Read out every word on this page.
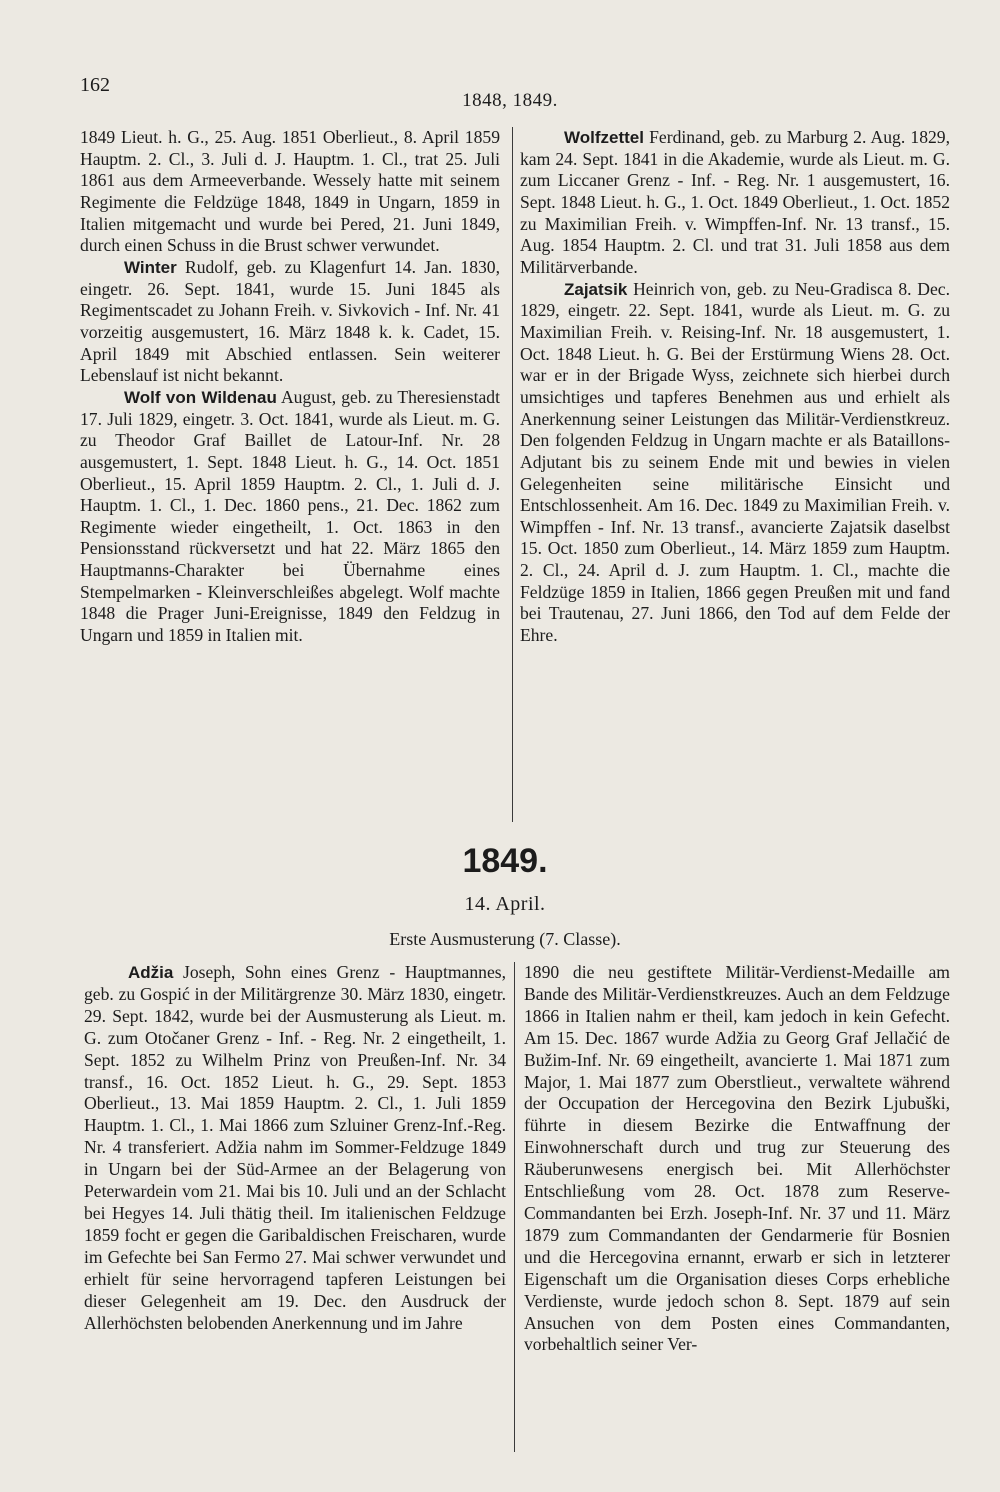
162
1848, 1849.

1849 Lieut. h. G., 25. Aug. 1851 Oberlieut., 8. April 1859 Hauptm. 2. Cl., 3. Juli d. J. Hauptm. 1. Cl., trat 25. Juli 1861 aus dem Armeeverbande. Wessely hatte mit seinem Regimente die Feldzüge 1848, 1849 in Ungarn, 1859 in Italien mitgemacht und wurde bei Pered, 21. Juni 1849, durch einen Schuss in die Brust schwer verwundet.

Winter Rudolf, geb. zu Klagenfurt 14. Jan. 1830, eingetr. 26. Sept. 1841, wurde 15. Juni 1845 als Regimentscadet zu Johann Freih. v. Sivkovich - Inf. Nr. 41 vorzeitig ausgemustert, 16. März 1848 k. k. Cadet, 15. April 1849 mit Abschied entlassen. Sein weiterer Lebenslauf ist nicht bekannt.

Wolf von Wildenau August, geb. zu Theresienstadt 17. Juli 1829, eingetr. 3. Oct. 1841, wurde als Lieut. m. G. zu Theodor Graf Baillet de Latour-Inf. Nr. 28 ausgemustert, 1. Sept. 1848 Lieut. h. G., 14. Oct. 1851 Oberlieut., 15. April 1859 Hauptm. 2. Cl., 1. Juli d. J. Hauptm. 1. Cl., 1. Dec. 1860 pens., 21. Dec. 1862 zum Regimente wieder eingetheilt, 1. Oct. 1863 in den Pensionsstand rückversetzt und hat 22. März 1865 den Hauptmanns-Charakter bei Übernahme eines Stempelmarken - Kleinverschleißes abgelegt. Wolf machte 1848 die Prager Juni-Ereignisse, 1849 den Feldzug in Ungarn und 1859 in Italien mit.

Wolfzettel Ferdinand, geb. zu Marburg 2. Aug. 1829, kam 24. Sept. 1841 in die Akademie, wurde als Lieut. m. G. zum Liccaner Grenz - Inf. - Reg. Nr. 1 ausgemustert, 16. Sept. 1848 Lieut. h. G., 1. Oct. 1849 Oberlieut., 1. Oct. 1852 zu Maximilian Freih. v. Wimpffen-Inf. Nr. 13 transf., 15. Aug. 1854 Hauptm. 2. Cl. und trat 31. Juli 1858 aus dem Militärverbande.

Zajatsik Heinrich von, geb. zu Neu-Gradisca 8. Dec. 1829, eingetr. 22. Sept. 1841, wurde als Lieut. m. G. zu Maximilian Freih. v. Reising-Inf. Nr. 18 ausgemustert, 1. Oct. 1848 Lieut. h. G. Bei der Erstürmung Wiens 28. Oct. war er in der Brigade Wyss, zeichnete sich hierbei durch umsichtiges und tapferes Benehmen aus und erhielt als Anerkennung seiner Leistungen das Militär-Verdienstkreuz. Den folgenden Feldzug in Ungarn machte er als Bataillons-Adjutant bis zu seinem Ende mit und bewies in vielen Gelegenheiten seine militärische Einsicht und Entschlossenheit. Am 16. Dec. 1849 zu Maximilian Freih. v. Wimpffen - Inf. Nr. 13 transf., avancierte Zajatsik daselbst 15. Oct. 1850 zum Oberlieut., 14. März 1859 zum Hauptm. 2. Cl., 24. April d. J. zum Hauptm. 1. Cl., machte die Feldzüge 1859 in Italien, 1866 gegen Preußen mit und fand bei Trautenau, 27. Juni 1866, den Tod auf dem Felde der Ehre.

1849.
14. April.
Erste Ausmusterung (7. Classe).

Adžia Joseph, Sohn eines Grenz - Hauptmannes, geb. zu Gospić in der Militärgrenze 30. März 1830, eingetr. 29. Sept. 1842, wurde bei der Ausmusterung als Lieut. m. G. zum Otočaner Grenz - Inf. - Reg. Nr. 2 eingetheilt, 1. Sept. 1852 zu Wilhelm Prinz von Preußen-Inf. Nr. 34 transf., 16. Oct. 1852 Lieut. h. G., 29. Sept. 1853 Oberlieut., 13. Mai 1859 Hauptm. 2. Cl., 1. Juli 1859 Hauptm. 1. Cl., 1. Mai 1866 zum Szluiner Grenz-Inf.-Reg. Nr. 4 transferiert. Adžia nahm im Sommer-Feldzuge 1849 in Ungarn bei der Süd-Armee an der Belagerung von Peterwardein vom 21. Mai bis 10. Juli und an der Schlacht bei Hegyes 14. Juli thätig theil. Im italienischen Feldzuge 1859 focht er gegen die Garibaldischen Freischaren, wurde im Gefechte bei San Fermo 27. Mai schwer verwundet und erhielt für seine hervorragend tapferen Leistungen bei dieser Gelegenheit am 19. Dec. den Ausdruck der Allerhöchsten belobenden Anerkennung und im Jahre

1890 die neu gestiftete Militär-Verdienst-Medaille am Bande des Militär-Verdienstkreuzes. Auch an dem Feldzuge 1866 in Italien nahm er theil, kam jedoch in kein Gefecht. Am 15. Dec. 1867 wurde Adžia zu Georg Graf Jellačić de Bužim-Inf. Nr. 69 eingetheilt, avancierte 1. Mai 1871 zum Major, 1. Mai 1877 zum Oberstlieut., verwaltete während der Occupation der Hercegovina den Bezirk Ljubuški, führte in diesem Bezirke die Entwaffnung der Einwohnerschaft durch und trug zur Steuerung des Räuberunwesens energisch bei. Mit Allerhöchster Entschließung vom 28. Oct. 1878 zum Reserve-Commandanten bei Erzh. Joseph-Inf. Nr. 37 und 11. März 1879 zum Commandanten der Gendarmerie für Bosnien und die Hercegovina ernannt, erwarb er sich in letzterer Eigenschaft um die Organisation dieses Corps erhebliche Verdienste, wurde jedoch schon 8. Sept. 1879 auf sein Ansuchen von dem Posten eines Commandanten, vorbehaltlich seiner Ver-
